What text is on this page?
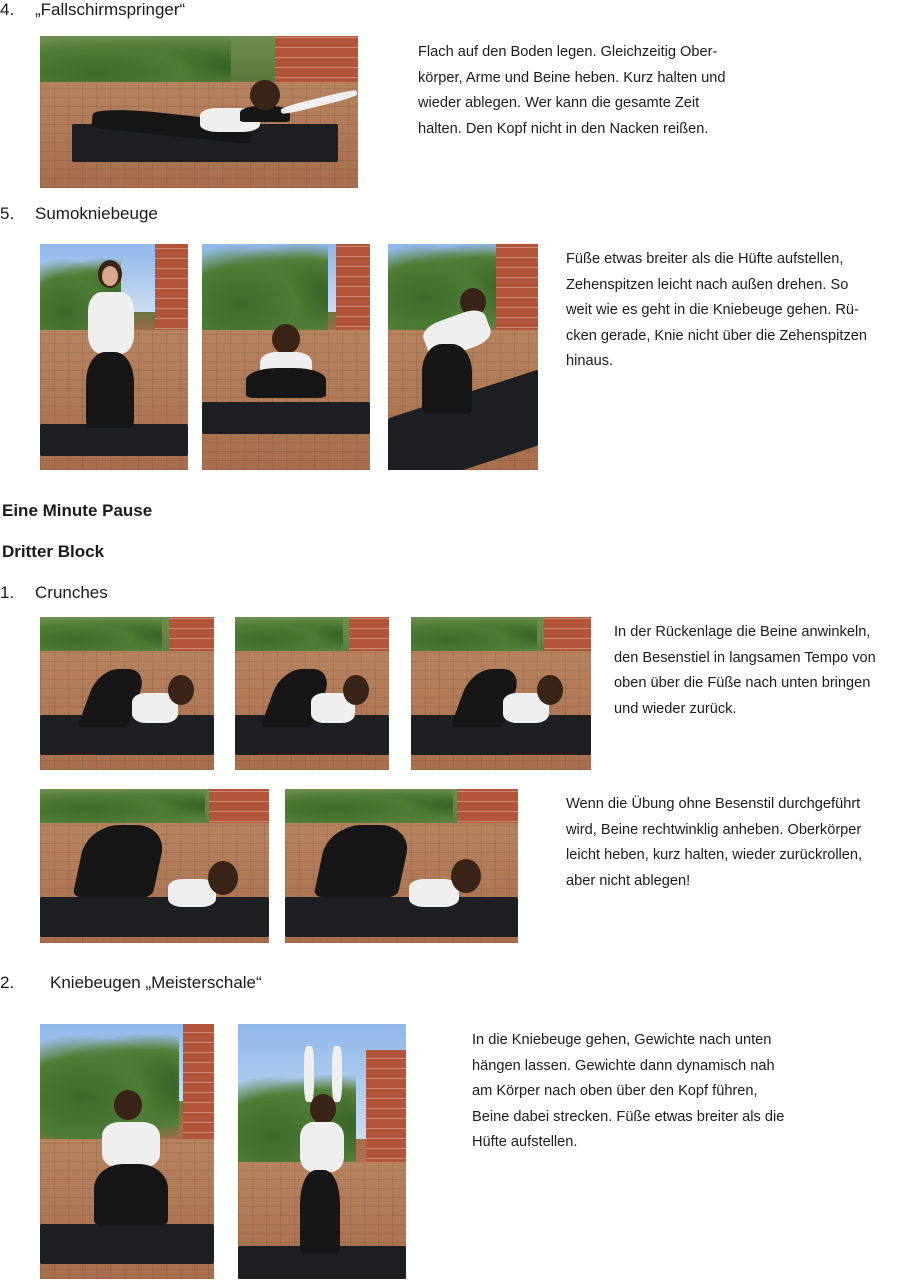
4. „Fallschirmspringer“
Flach auf den Boden legen. Gleichzeitig Ober-
körper, Arme und Beine heben. Kurz halten und
wieder ablegen. Wer kann die gesamte Zeit
halten. Den Kopf nicht in den Nacken reißen.
5. Sumokniebeuge
Füße etwas breiter als die Hüfte aufstellen,
Zehenspitzen leicht nach außen drehen. So
weit wie es geht in die Kniebeuge gehen. Rü-
cken gerade, Knie nicht über die Zehenspitzen
hinaus.
Eine Minute Pause
Dritter Block
1. Crunches
In der Rückenlage die Beine anwinkeln,
den Besenstiel in langsamen Tempo von
oben über die Füße nach unten bringen
und wieder zurück.
Wenn die Übung ohne Besenstil durchgeführt
wird, Beine rechtwinklig anheben. Oberkörper
leicht heben, kurz halten, wieder zurückrollen,
aber nicht ablegen!
2. Kniebeugen „Meisterschale“
In die Kniebeuge gehen, Gewichte nach unten
hängen lassen. Gewichte dann dynamisch nah
am Körper nach oben über den Kopf führen,
Beine dabei strecken. Füße etwas breiter als die
Hüfte aufstellen.
